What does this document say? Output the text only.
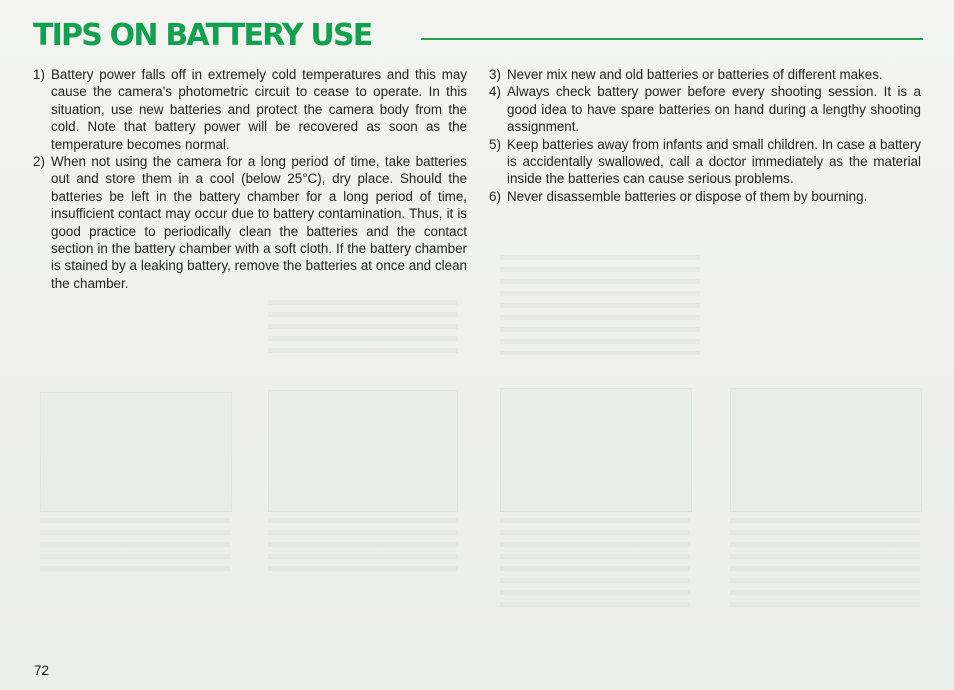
TIPS ON BATTERY USE

1) Battery power falls off in extremely cold temperatures and this may cause the camera's photometric circuit to cease to operate. In this situation, use new batteries and protect the camera body from the cold. Note that battery power will be recovered as soon as the temperature becomes normal.

2) When not using the camera for a long period of time, take batteries out and store them in a cool (below 25°C), dry place. Should the batteries be left in the battery chamber for a long period of time, insufficient contact may occur due to battery contamination. Thus, it is good practice to periodically clean the batteries and the contact section in the battery chamber with a soft cloth. If the battery chamber is stained by a leaking battery, remove the batteries at once and clean the chamber.

3) Never mix new and old batteries or batteries of different makes.

4) Always check battery power before every shooting session. It is a good idea to have spare batteries on hand during a lengthy shooting assignment.

5) Keep batteries away from infants and small children. In case a battery is accidentally swallowed, call a doctor immediately as the material inside the batteries can cause serious problems.

6) Never disassemble batteries or dispose of them by bourning.

72
